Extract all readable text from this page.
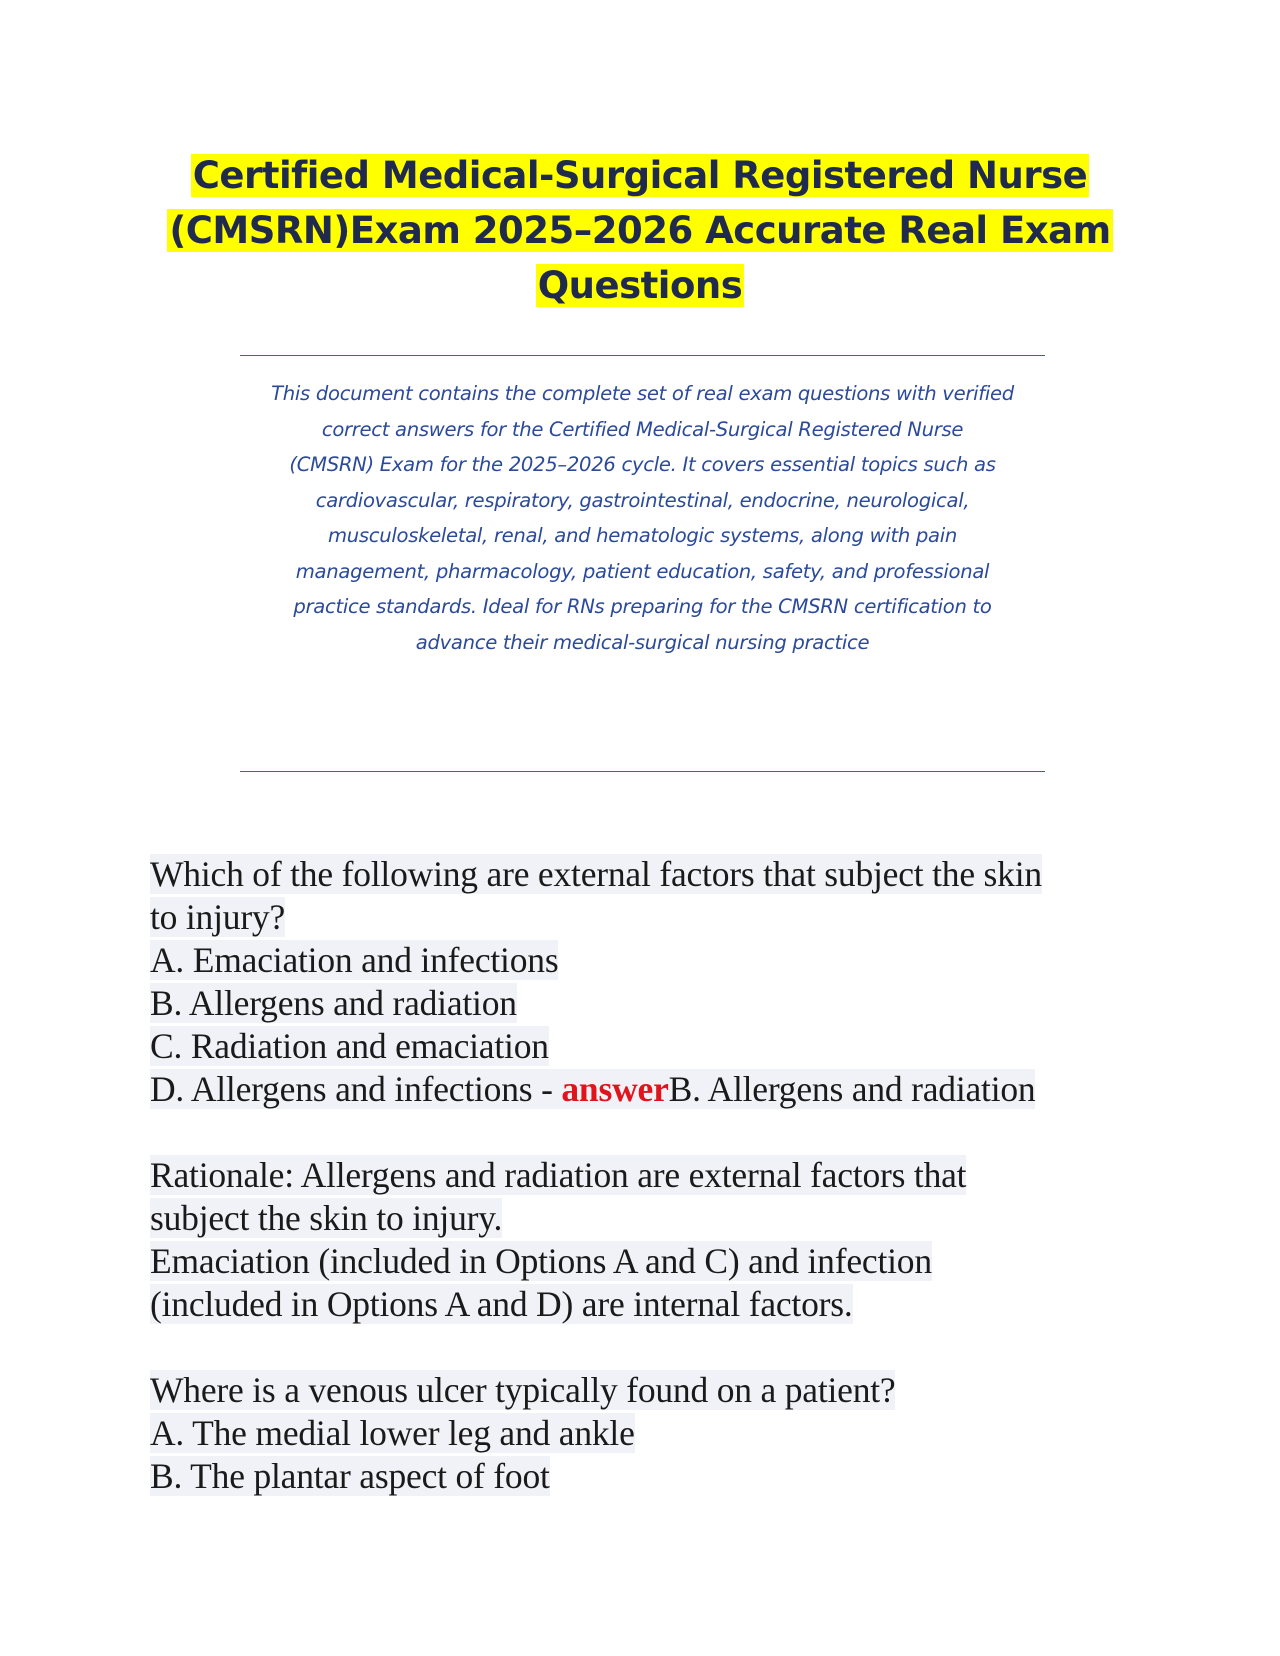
Certified Medical-Surgical Registered Nurse
(CMSRN)Exam 2025–2026 Accurate Real Exam
Questions
This document contains the complete set of real exam questions with verified
correct answers for the Certified Medical-Surgical Registered Nurse
(CMSRN) Exam for the 2025–2026 cycle. It covers essential topics such as
cardiovascular, respiratory, gastrointestinal, endocrine, neurological,
musculoskeletal, renal, and hematologic systems, along with pain
management, pharmacology, patient education, safety, and professional
practice standards. Ideal for RNs preparing for the CMSRN certification to
advance their medical-surgical nursing practice
Which of the following are external factors that subject the skin
to injury?
A. Emaciation and infections
B. Allergens and radiation
C. Radiation and emaciation
D. Allergens and infections - answerB. Allergens and radiation
Rationale: Allergens and radiation are external factors that
subject the skin to injury.
Emaciation (included in Options A and C) and infection
(included in Options A and D) are internal factors.
Where is a venous ulcer typically found on a patient?
A. The medial lower leg and ankle
B. The plantar aspect of foot
